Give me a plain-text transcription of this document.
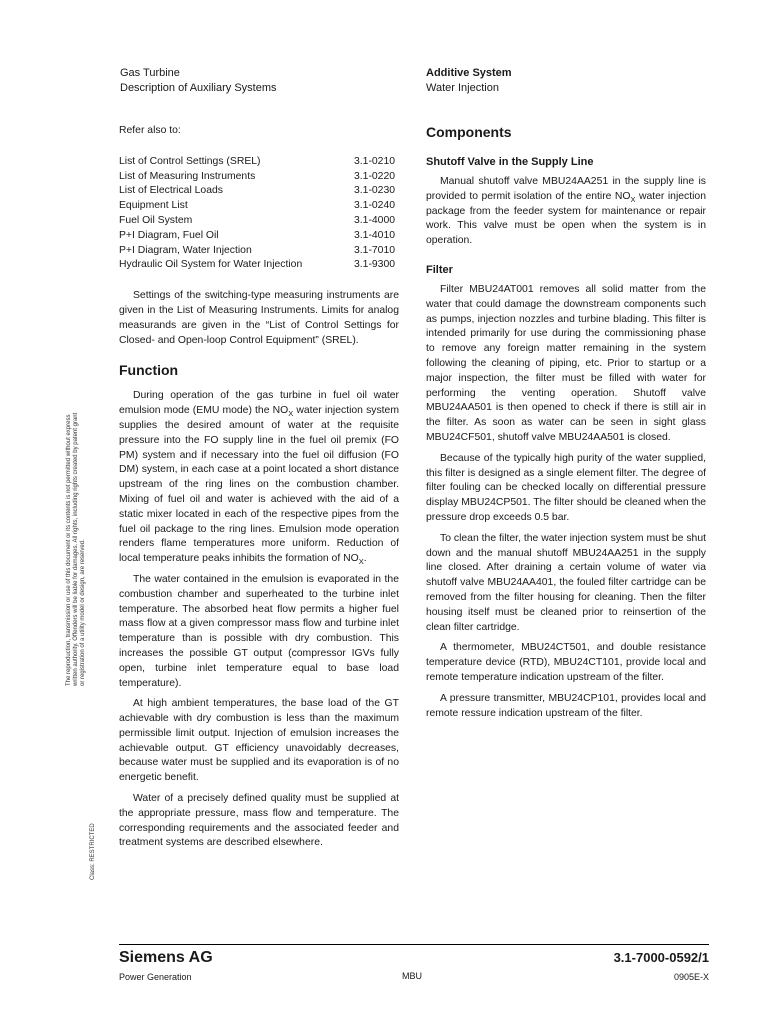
Gas Turbine
Description of Auxiliary Systems
Additive System
Water Injection

Refer also to:

List of Control Settings (SREL)	3.1-0210
List of Measuring Instruments	3.1-0220
List of Electrical Loads	3.1-0230
Equipment List	3.1-0240
Fuel Oil System	3.1-4000
P+I Diagram, Fuel Oil	3.1-4010
P+I Diagram, Water Injection	3.1-7010
Hydraulic Oil System for Water Injection	3.1-9300

Settings of the switching-type measuring instruments are given in the List of Measuring Instruments. Limits for analog measurands are given in the “List of Control Settings for Closed- and Open-loop Control Equipment” (SREL).

Function

During operation of the gas turbine in fuel oil water emulsion mode (EMU mode) the $NO_X$ water injection system supplies the desired amount of water at the requisite pressure into the FO supply line in the fuel oil premix (FO PM) system and if necessary into the fuel oil diffusion (FO DM) system, in each case at a point located a short distance upstream of the ring lines on the combustion chamber. Mixing of fuel oil and water is achieved with the aid of a static mixer located in each of the respective pipes from the fuel oil package to the ring lines. Emulsion mode operation renders flame temperatures more uniform. Reduction of local temperature peaks inhibits the formation of $NO_X$.

The water contained in the emulsion is evaporated in the combustion chamber and superheated to the turbine inlet temperature. The absorbed heat flow permits a higher fuel mass flow at a given compressor mass flow and turbine inlet temperature than is possible with dry combustion. This increases the possible GT output (compressor IGVs fully open, turbine inlet temperature equal to base load temperature).

At high ambient temperatures, the base load of the GT achievable with dry combustion is less than the maximum permissible limit output. Injection of emulsion increases the achievable output. GT efficiency unavoidably decreases, because water must be supplied and its evaporation is of no energetic benefit.

Water of a precisely defined quality must be supplied at the appropriate pressure, mass flow and temperature. The corresponding requirements and the associated feeder and treatment systems are described elsewhere.

Components
Shutoff Valve in the Supply Line

Manual shutoff valve MBU24AA251 in the supply line is provided to permit isolation of the entire $NO_X$ water injection package from the feeder system for maintenance or repair work. This valve must be open when the system is in operation.

Filter

Filter MBU24AT001 removes all solid matter from the water that could damage the downstream components such as pumps, injection nozzles and turbine blading. This filter is intended primarily for use during the commissioning phase to remove any foreign matter remaining in the system following the cleaning of piping, etc. Prior to startup or a major inspection, the filter must be filled with water for performing the venting operation. Shutoff valve MBU24AA501 is then opened to check if there is still air in the filter. As soon as water can be seen in sight glass MBU24CF501, shutoff valve MBU24AA501 is closed.

Because of the typically high purity of the water supplied, this filter is designed as a single element filter. The degree of filter fouling can be checked locally on differential pressure display MBU24CP501. The filter should be cleaned when the pressure drop exceeds 0.5 bar.

To clean the filter, the water injection system must be shut down and the manual shutoff MBU24AA251 in the supply line closed. After draining a certain volume of water via shutoff valve MBU24AA401, the fouled filter cartridge can be removed from the filter housing for cleaning. Then the filter housing itself must be cleaned prior to reinsertion of the clean filter cartridge.

A thermometer, MBU24CT501, and double resistance temperature device (RTD), MBU24CT101, provide local and remote temperature indication upstream of the filter.

A pressure transmitter, MBU24CP101, provides local and remote ressure indication upstream of the filter.

The reproduction, transmission or use of this document or its contents is not permitted without express written authority. Offenders will be liable for damages. All rights, including rights created by patent grant or registration of a utility model or design, are reserved.
Class: RESTRICTED
Siemens AG
Power Generation	MBU
3.1-7000-0592/1
0905E-X
